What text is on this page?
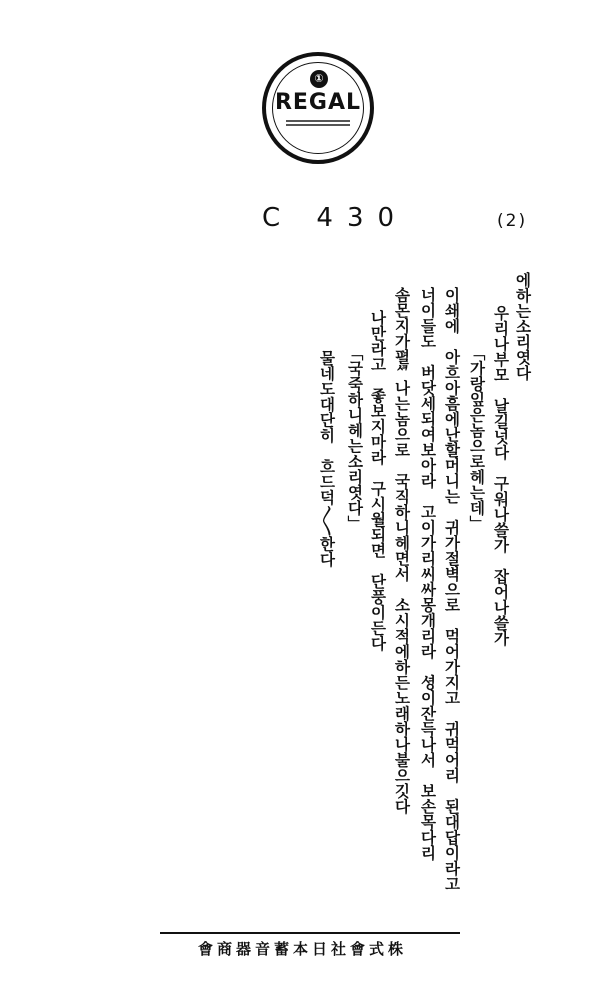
①
REGAL
C 430	(2)
에하는소리엿다
우리나부모　날길넛다　구워나쓸가　잡어나쓸가
「가랑잎은놈으로헤는데」
이쇄에　아흐아흠에난할머니는　귀가절벽으로　먹어가지고　귀먹어리　된대답이라고
너이들도　버닷세되여보아라　고이가리씨싸몽개리라　셩이잔득나서　보손목다리
솜몬지가펼ᄸ나는놈으로　국직하니헤면서　소시적에하든노래하나불으깃다
나만라고　좋보지마라　구시월되면　단풍이든다
「국죽하니헤는소리엿다」
물네도대단히　흐드덕〳〵한다
會商器音蓄本日社會式株
